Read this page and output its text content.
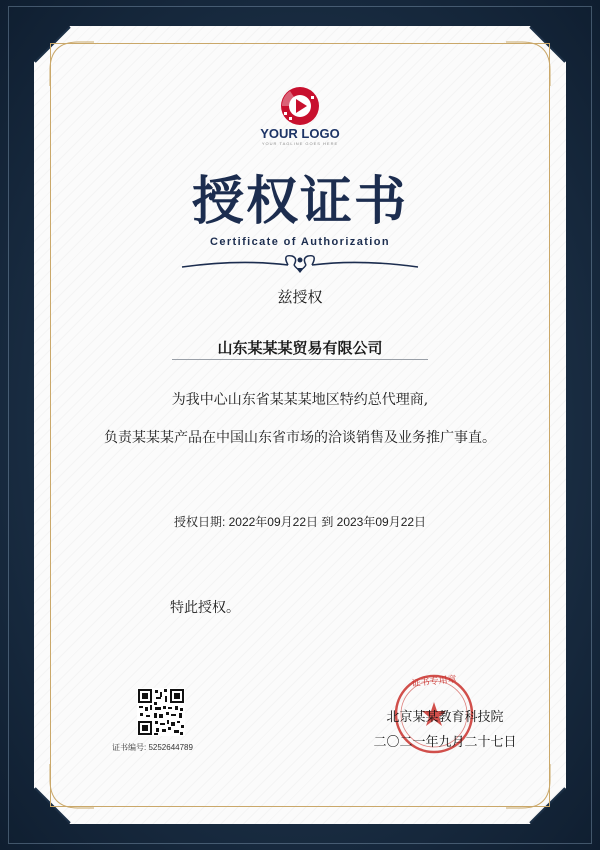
YOUR LOGO
YOUR TAGLINE GOES HERE
授权证书
Certificate of Authorization
兹授权
山东某某某贸易有限公司
为我中心山东省某某某地区特约总代理商,
负责某某某产品在中国山东省市场的洽谈销售及业务推广事直。
授权日期: 2022年09月22日 到 2023年09月22日
特此授权。
证书编号: 5252644789
证书专用章
北京某某教育科技院
二〇二一年九月二十七日
